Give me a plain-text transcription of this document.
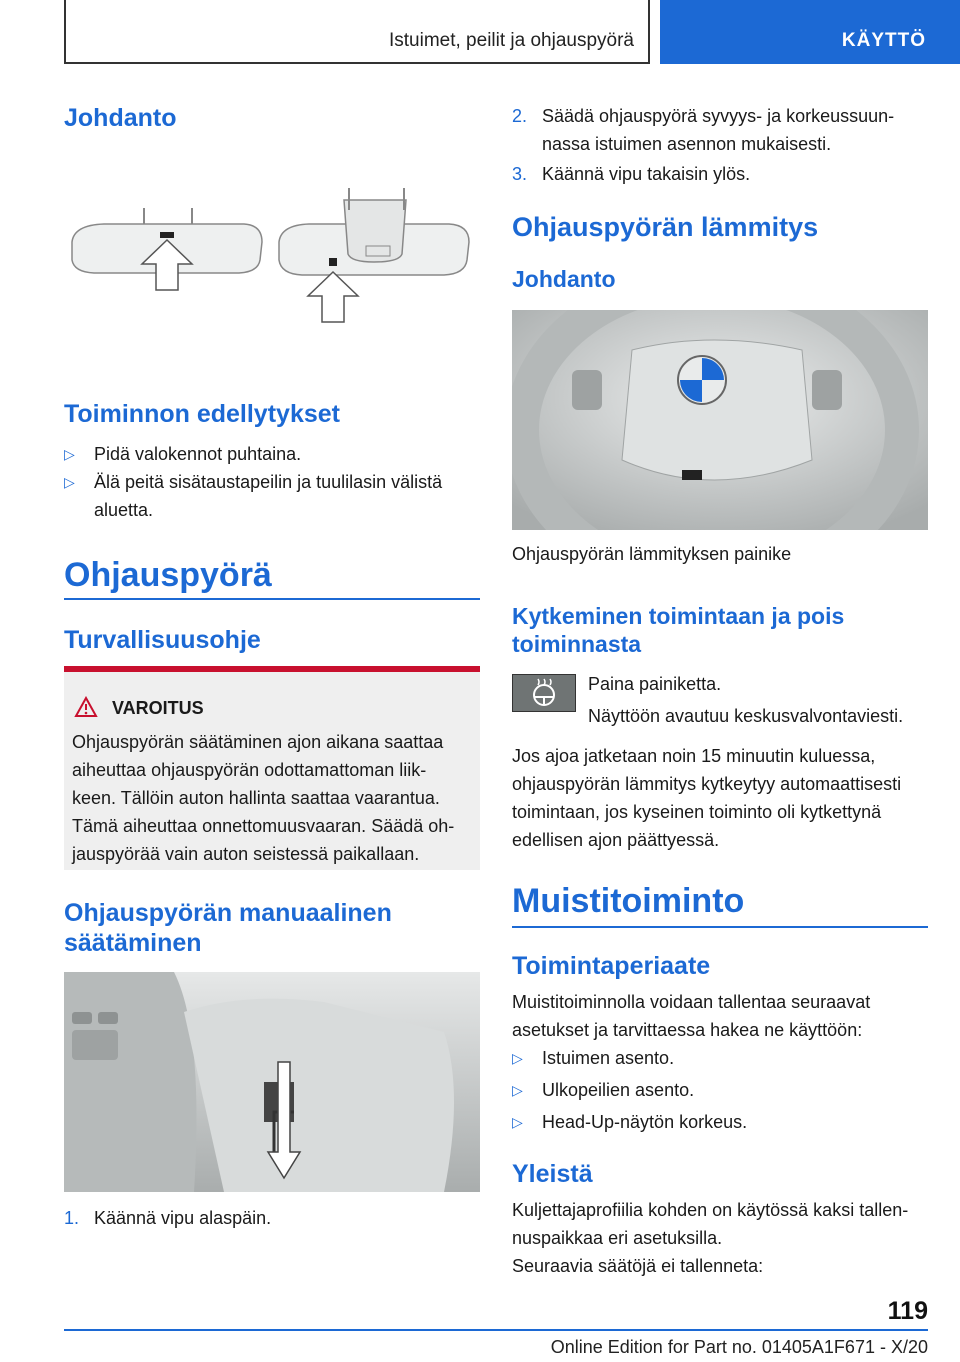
Istuimet, peilit ja ohjauspyörä	KÄYTTÖ
Johdanto
Toiminnon edellytykset
▷ Pidä valokennot puhtaina.
▷ Älä peitä sisätaustapeilin ja tuulilasin välistä
aluetta.
Ohjauspyörä
Turvallisuusohje
VAROITUS
Ohjauspyörän säätäminen ajon aikana saattaa
aiheuttaa ohjauspyörän odottamattoman liik-
keen. Tällöin auton hallinta saattaa vaarantua.
Tämä aiheuttaa onnettomuusvaaran. Säädä oh-
jauspyörää vain auton seistessä paikallaan.
Ohjauspyörän manuaalinen
säätäminen
1. Käännä vipu alaspäin.
2. Säädä ohjauspyörä syvyys- ja korkeussuun-
nassa istuimen asennon mukaisesti.
3. Käännä vipu takaisin ylös.
Ohjauspyörän lämmitys
Johdanto
Ohjauspyörän lämmityksen painike
Kytkeminen toimintaan ja pois
toiminnasta
Paina painiketta.
Näyttöön avautuu keskusvalvontaviesti.
Jos ajoa jatketaan noin 15 minuutin kuluessa,
ohjauspyörän lämmitys kytkeytyy automaattisesti
toimintaan, jos kyseinen toiminto oli kytkettynä
edellisen ajon päättyessä.
Muistitoiminto
Toimintaperiaate
Muistitoiminnolla voidaan tallentaa seuraavat
asetukset ja tarvittaessa hakea ne käyttöön:
▷ Istuimen asento.
▷ Ulkopeilien asento.
▷ Head-Up-näytön korkeus.
Yleistä
Kuljettajaprofiilia kohden on käytössä kaksi tallen-
nuspaikkaa eri asetuksilla.
Seuraavia säätöjä ei tallenneta:
119
Online Edition for Part no. 01405A1F671 - X/20
